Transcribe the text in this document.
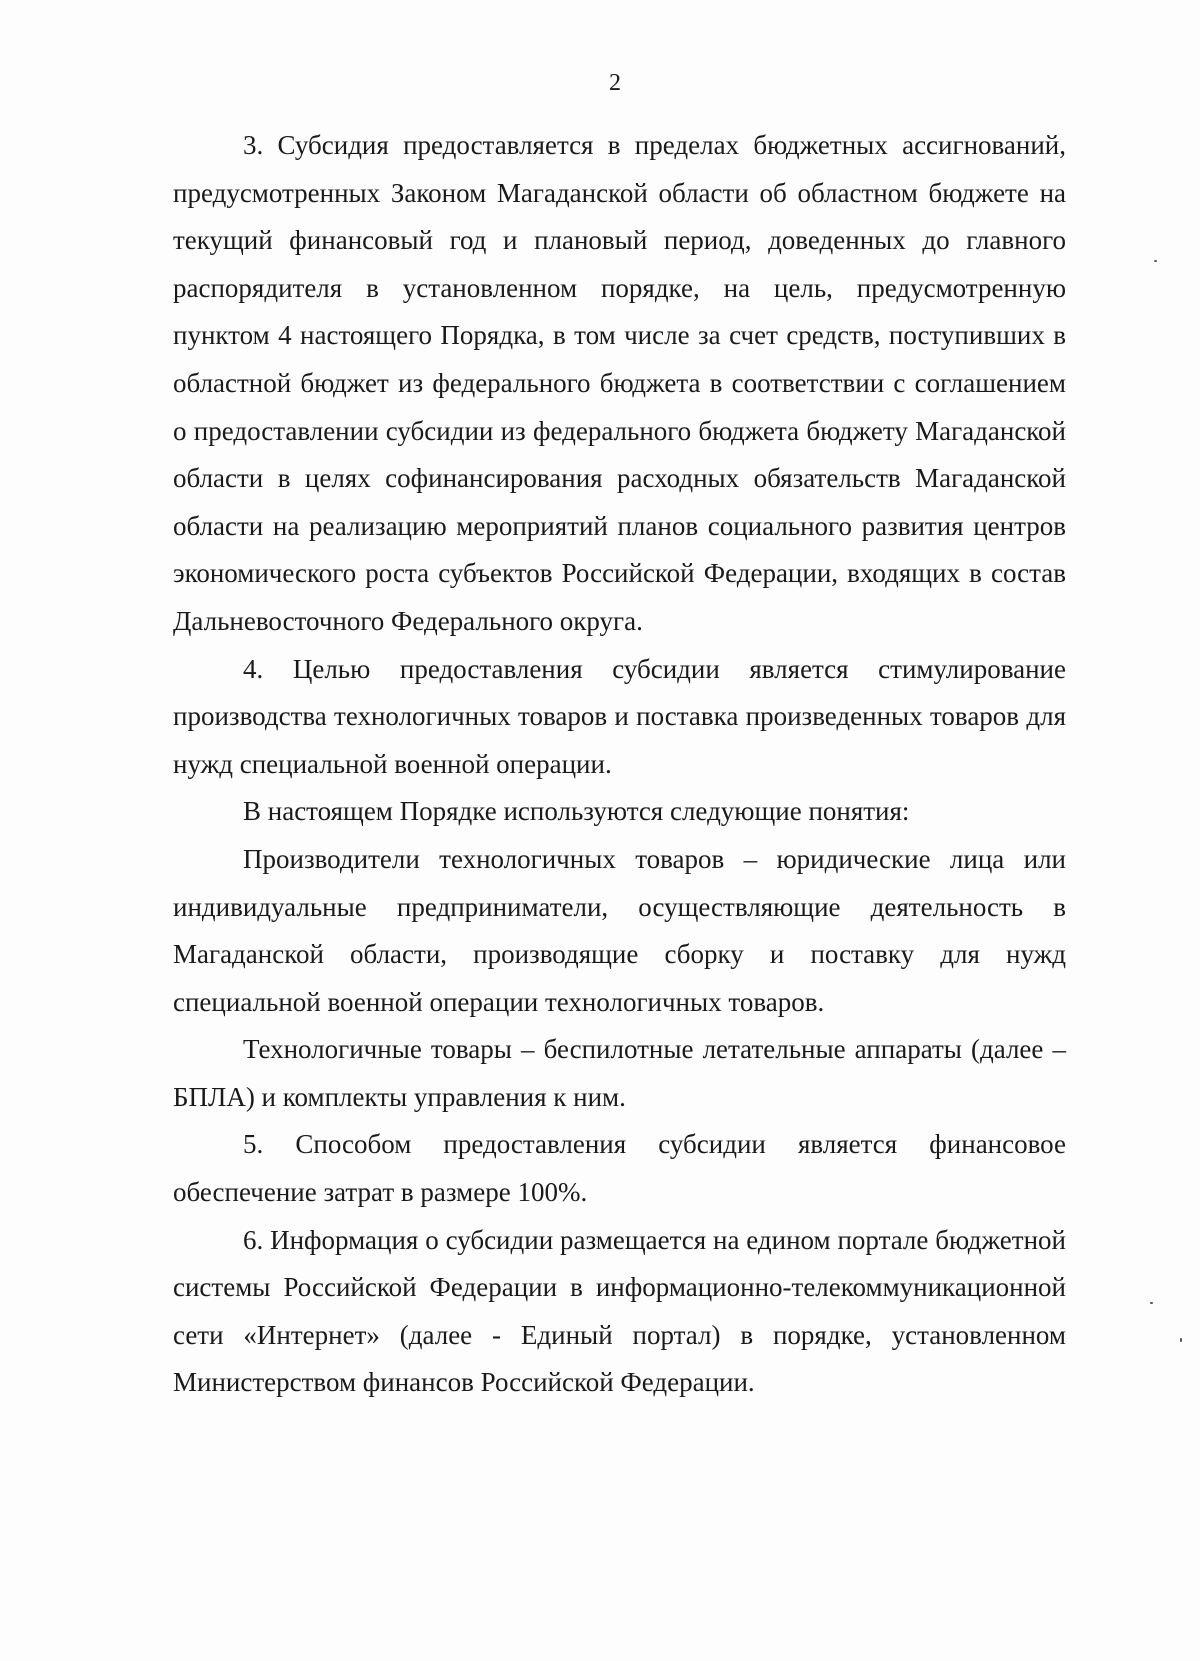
2

3. Субсидия предоставляется в пределах бюджетных ассигнований, предусмотренных Законом Магаданской области об областном бюджете на текущий финансовый год и плановый период, доведенных до главного распорядителя в установленном порядке, на цель, предусмотренную пунктом 4 настоящего Порядка, в том числе за счет средств, поступивших в областной бюджет из федерального бюджета в соответствии с соглашением о предоставлении субсидии из федерального бюджета бюджету Магаданской области в целях софинансирования расходных обязательств Магаданской области на реализацию мероприятий планов социального развития центров экономического роста субъектов Российской Федерации, входящих в состав Дальневосточного Федерального округа.

4. Целью предоставления субсидии является стимулирование производства технологичных товаров и поставка произведенных товаров для нужд специальной военной операции.

В настоящем Порядке используются следующие понятия:

Производители технологичных товаров – юридические лица или индивидуальные предприниматели, осуществляющие деятельность в Магаданской области, производящие сборку и поставку для нужд специальной военной операции технологичных товаров.

Технологичные товары – беспилотные летательные аппараты (далее – БПЛА) и комплекты управления к ним.

5. Способом предоставления субсидии является финансовое обеспечение затрат в размере 100%.

6. Информация о субсидии размещается на едином портале бюджетной системы Российской Федерации в информационно-телекоммуникационной сети «Интернет» (далее - Единый портал) в порядке, установленном Министерством финансов Российской Федерации.
